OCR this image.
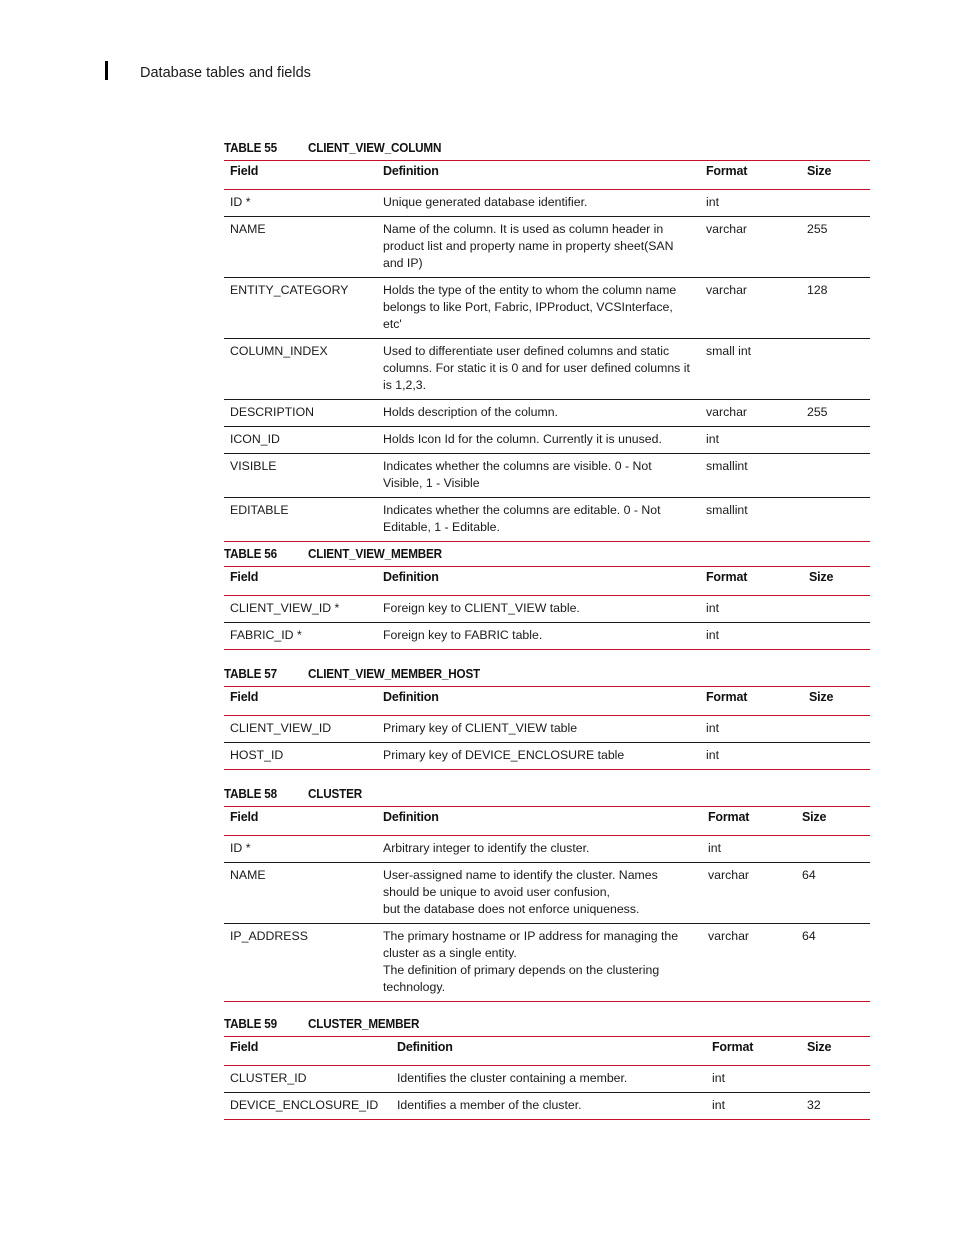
Database tables and fields
TABLE 55 CLIENT_VIEW_COLUMN
Field	Definition	Format	Size
ID *	Unique generated database identifier.	int	
NAME	Name of the column. It is used as column header in product list and property name in property sheet(SAN and IP)	varchar	255
ENTITY_CATEGORY	Holds the type of the entity to whom the column name belongs to like Port, Fabric, IPProduct, VCSInterface, etc'	varchar	128
COLUMN_INDEX	Used to differentiate user defined columns and static columns. For static it is 0 and for user defined columns it is 1,2,3.	small int	
DESCRIPTION	Holds description of the column.	varchar	255
ICON_ID	Holds Icon Id for the column. Currently it is unused.	int	
VISIBLE	Indicates whether the columns are visible. 0 - Not Visible, 1 - Visible	smallint	
EDITABLE	Indicates whether the columns are editable. 0 - Not Editable, 1 - Editable.	smallint	
TABLE 56 CLIENT_VIEW_MEMBER
Field	Definition	Format	Size
CLIENT_VIEW_ID *	Foreign key to CLIENT_VIEW table.	int	
FABRIC_ID *	Foreign key to FABRIC table.	int	
TABLE 57 CLIENT_VIEW_MEMBER_HOST
Field	Definition	Format	Size
CLIENT_VIEW_ID	Primary key of CLIENT_VIEW table	int	
HOST_ID	Primary key of DEVICE_ENCLOSURE table	int	
TABLE 58 CLUSTER
Field	Definition	Format	Size
ID *	Arbitrary integer to identify the cluster.	int	
NAME	User-assigned name to identify the cluster. Names should be unique to avoid user confusion,
but the database does not enforce uniqueness.	varchar	64
IP_ADDRESS	The primary hostname or IP address for managing the cluster as a single entity.
The definition of primary depends on the clustering technology.	varchar	64
TABLE 59 CLUSTER_MEMBER
Field	Definition	Format	Size
CLUSTER_ID	Identifies the cluster containing a member.	int	
DEVICE_ENCLOSURE_ID	Identifies a member of the cluster.	int	32
